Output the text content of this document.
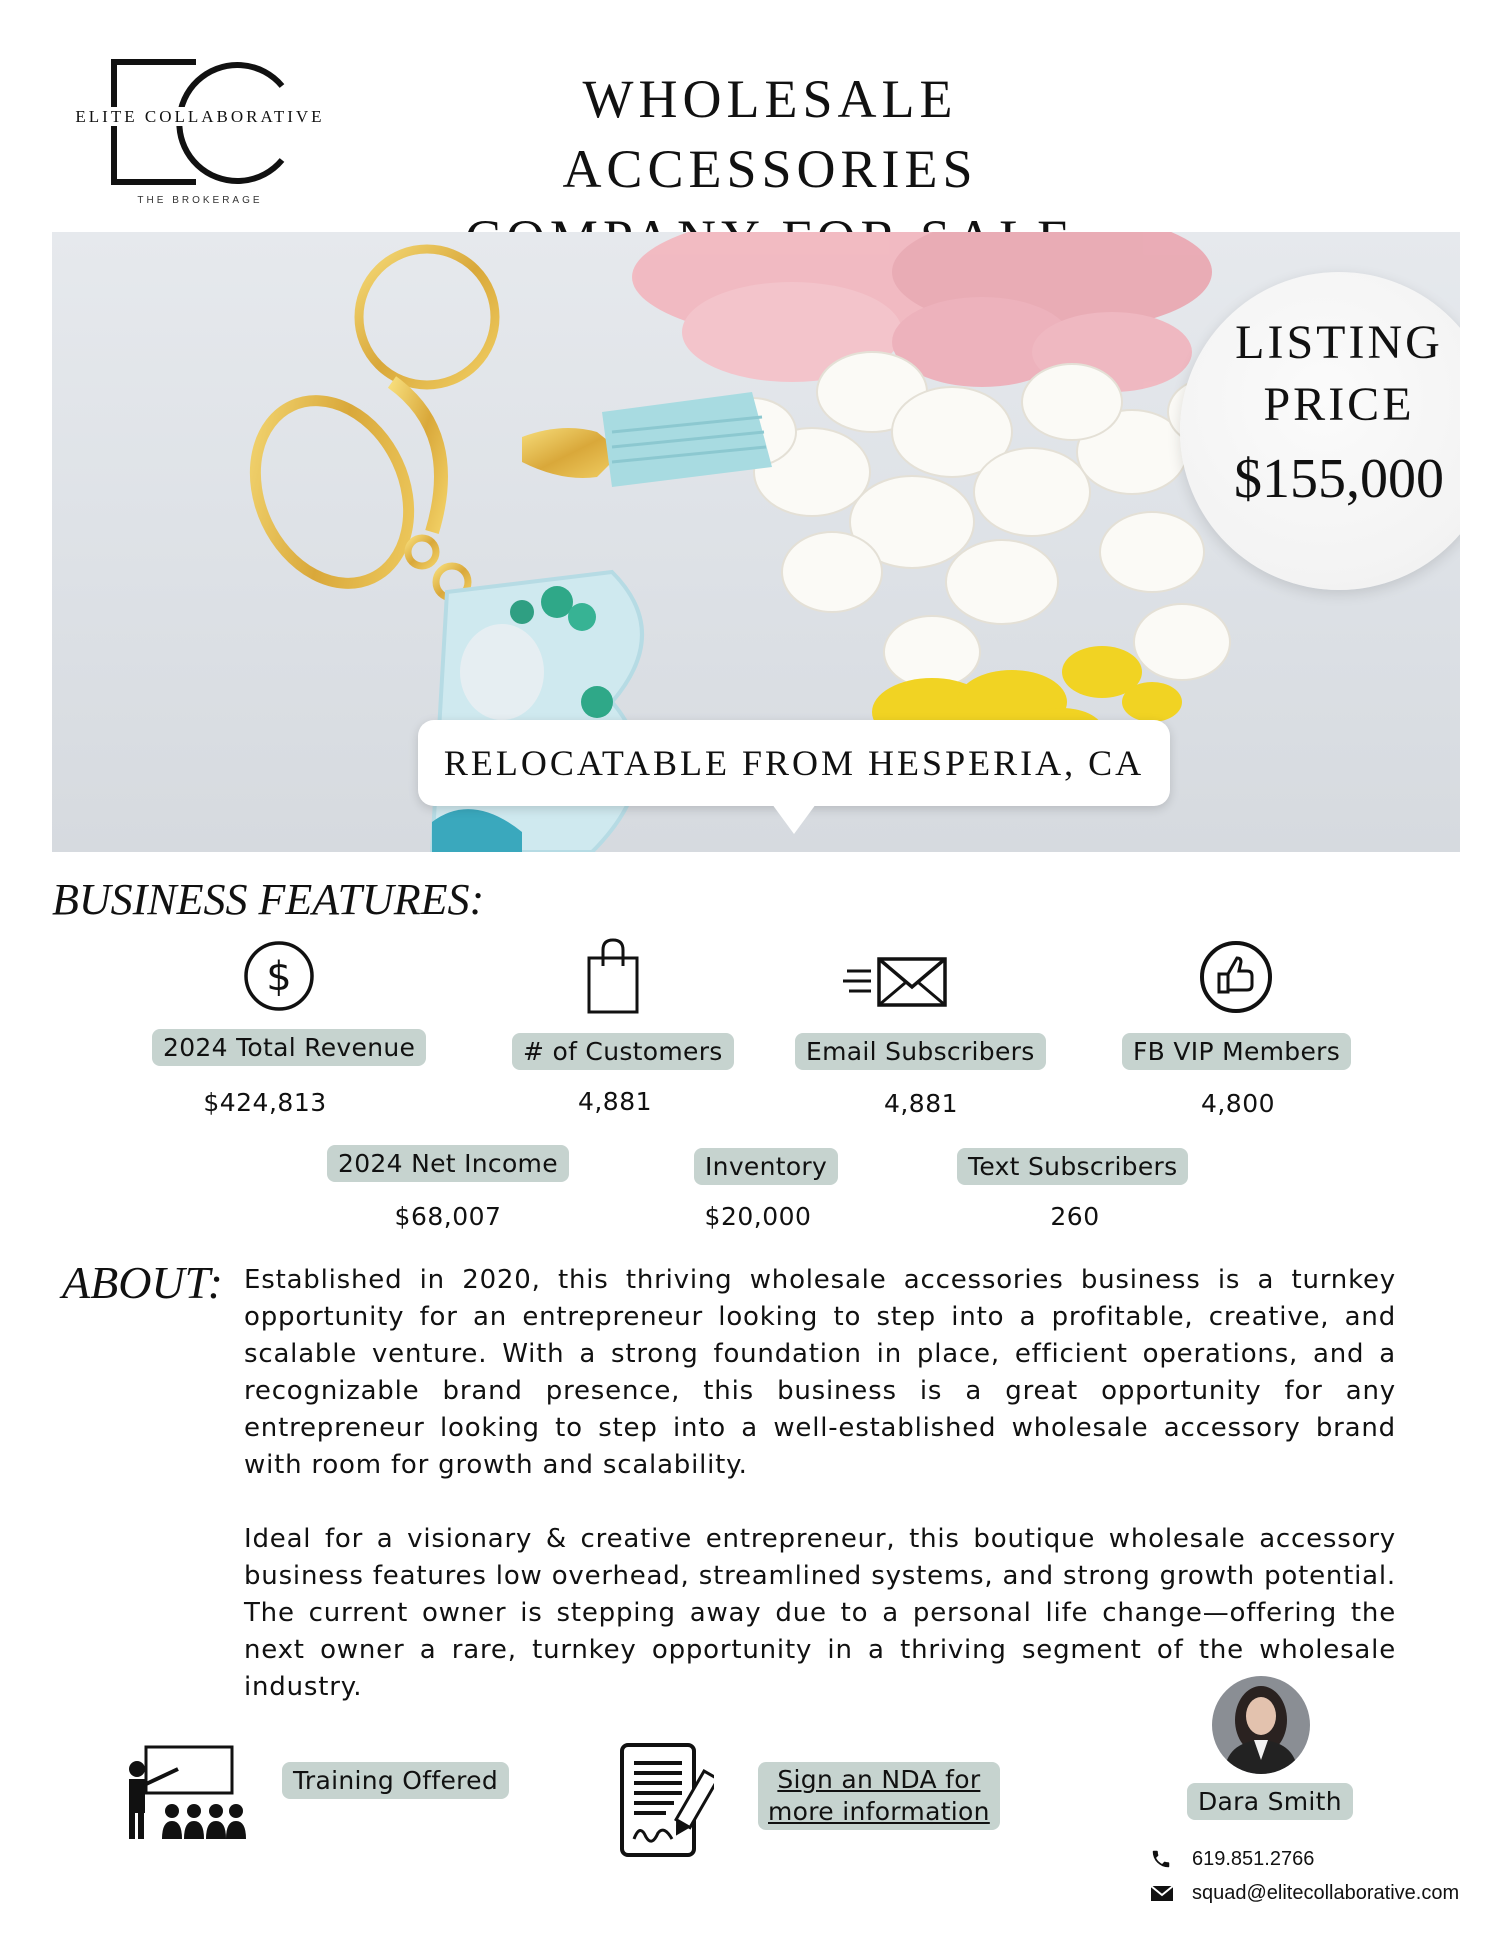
ELITE COLLABORATIVE
THE BROKERAGE
WHOLESALE ACCESSORIES
LISTING
PRICE
$155,000
RELOCATABLE FROM HESPERIA, CA
BUSINESS FEATURES:
$
2024 Total Revenue
$424,813
# of Customers
4,881
Email Subscribers
4,881
FB VIP Members
4,800
2024 Net Income
$68,007
Inventory
$20,000
Text Subscribers
260
ABOUT: Established in 2020, this thriving wholesale accessories business is a turnkey opportunity for an entrepreneur looking to step into a profitable, creative, and scalable venture. With a strong foundation in place, efficient operations, and a recognizable brand presence, this business is a great opportunity for any entrepreneur looking to step into a well-established wholesale accessory brand with room for growth and scalability.

Ideal for a visionary & creative entrepreneur, this boutique wholesale accessory business features low overhead, streamlined systems, and strong growth potential. The current owner is stepping away due to a personal life change—offering the next owner a rare, turnkey opportunity in a thriving segment of the wholesale industry.

Training Offered	Sign an NDA for
more information	Dara Smith
619.851.2766
squad@elitecollaborative.com
